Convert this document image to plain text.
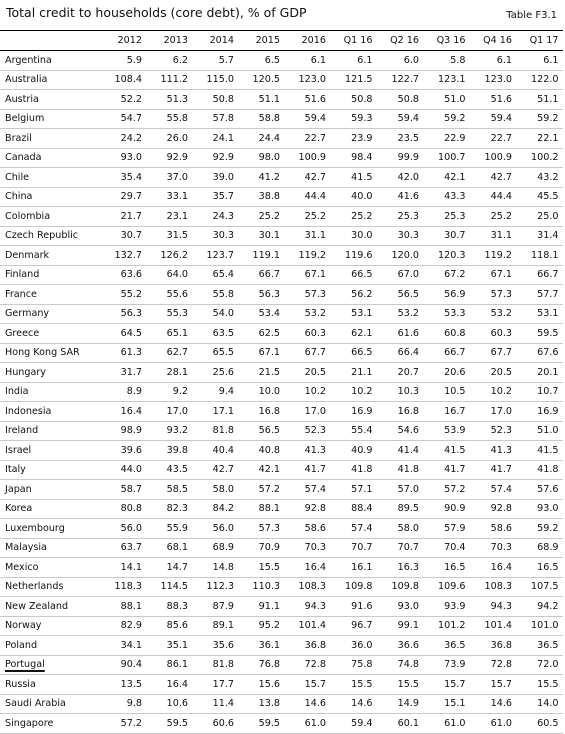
Total credit to households (core debt), % of GDP	Table F3.1
	2012	2013	2014	2015	2016	Q1 16	Q2 16	Q3 16	Q4 16	Q1 17
Argentina	5.9	6.2	5.7	6.5	6.1	6.1	6.0	5.8	6.1	6.1
Australia	108.4	111.2	115.0	120.5	123.0	121.5	122.7	123.1	123.0	122.0
Austria	52.2	51.3	50.8	51.1	51.6	50.8	50.8	51.0	51.6	51.1
Belgium	54.7	55.8	57.8	58.8	59.4	59.3	59.4	59.2	59.4	59.2
Brazil	24.2	26.0	24.1	24.4	22.7	23.9	23.5	22.9	22.7	22.1
Canada	93.0	92.9	92.9	98.0	100.9	98.4	99.9	100.7	100.9	100.2
Chile	35.4	37.0	39.0	41.2	42.7	41.5	42.0	42.1	42.7	43.2
China	29.7	33.1	35.7	38.8	44.4	40.0	41.6	43.3	44.4	45.5
Colombia	21.7	23.1	24.3	25.2	25.2	25.2	25.3	25.3	25.2	25.0
Czech Republic	30.7	31.5	30.3	30.1	31.1	30.0	30.3	30.7	31.1	31.4
Denmark	132.7	126.2	123.7	119.1	119.2	119.6	120.0	120.3	119.2	118.1
Finland	63.6	64.0	65.4	66.7	67.1	66.5	67.0	67.2	67.1	66.7
France	55.2	55.6	55.8	56.3	57.3	56.2	56.5	56.9	57.3	57.7
Germany	56.3	55.3	54.0	53.4	53.2	53.1	53.2	53.3	53.2	53.1
Greece	64.5	65.1	63.5	62.5	60.3	62.1	61.6	60.8	60.3	59.5
Hong Kong SAR	61.3	62.7	65.5	67.1	67.7	66.5	66.4	66.7	67.7	67.6
Hungary	31.7	28.1	25.6	21.5	20.5	21.1	20.7	20.6	20.5	20.1
India	8.9	9.2	9.4	10.0	10.2	10.2	10.3	10.5	10.2	10.7
Indonesia	16.4	17.0	17.1	16.8	17.0	16.9	16.8	16.7	17.0	16.9
Ireland	98.9	93.2	81.8	56.5	52.3	55.4	54.6	53.9	52.3	51.0
Israel	39.6	39.8	40.4	40.8	41.3	40.9	41.4	41.5	41.3	41.5
Italy	44.0	43.5	42.7	42.1	41.7	41.8	41.8	41.7	41.7	41.8
Japan	58.7	58.5	58.0	57.2	57.4	57.1	57.0	57.2	57.4	57.6
Korea	80.8	82.3	84.2	88.1	92.8	88.4	89.5	90.9	92.8	93.0
Luxembourg	56.0	55.9	56.0	57.3	58.6	57.4	58.0	57.9	58.6	59.2
Malaysia	63.7	68.1	68.9	70.9	70.3	70.7	70.7	70.4	70.3	68.9
Mexico	14.1	14.7	14.8	15.5	16.4	16.1	16.3	16.5	16.4	16.5
Netherlands	118.3	114.5	112.3	110.3	108.3	109.8	109.8	109.6	108.3	107.5
New Zealand	88.1	88.3	87.9	91.1	94.3	91.6	93.0	93.9	94.3	94.2
Norway	82.9	85.6	89.1	95.2	101.4	96.7	99.1	101.2	101.4	101.0
Poland	34.1	35.1	35.6	36.1	36.8	36.0	36.6	36.5	36.8	36.5
Portugal	90.4	86.1	81.8	76.8	72.8	75.8	74.8	73.9	72.8	72.0
Russia	13.5	16.4	17.7	15.6	15.7	15.5	15.5	15.7	15.7	15.5
Saudi Arabia	9.8	10.6	11.4	13.8	14.6	14.6	14.9	15.1	14.6	14.0
Singapore	57.2	59.5	60.6	59.5	61.0	59.4	60.1	61.0	61.0	60.5
